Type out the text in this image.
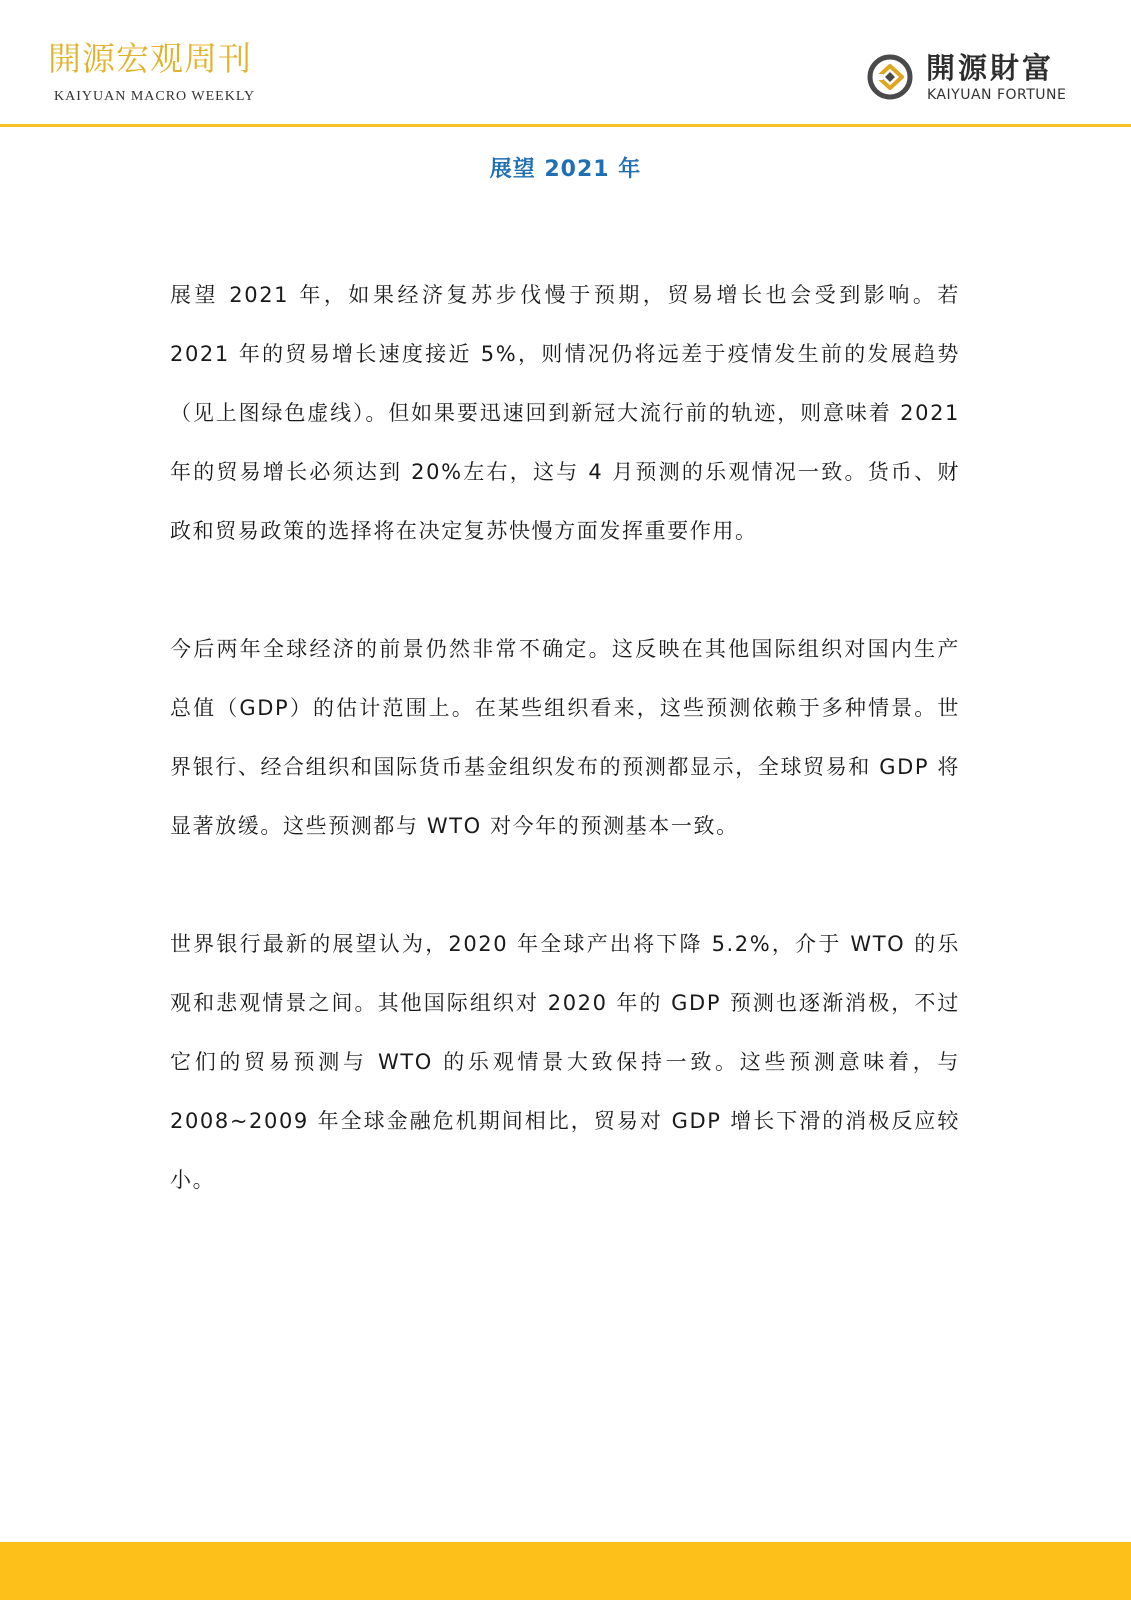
開源宏观周刊
KAIYUAN MACRO WEEKLY
開源財富
KAIYUAN FORTUNE
展望 2021 年

展望 2021 年，如果经济复苏步伐慢于预期，贸易增长也会受到影响。若 2021 年的贸易增长速度接近 5%，则情况仍将远差于疫情发生前的发展趋势（见上图绿色虚线）。但如果要迅速回到新冠大流行前的轨迹，则意味着 2021 年的贸易增长必须达到 20%左右，这与 4 月预测的乐观情况一致。货币、财政和贸易政策的选择将在决定复苏快慢方面发挥重要作用。

今后两年全球经济的前景仍然非常不确定。这反映在其他国际组织对国内生产总值（GDP）的估计范围上。在某些组织看来，这些预测依赖于多种情景。世界银行、经合组织和国际货币基金组织发布的预测都显示，全球贸易和 GDP 将显著放缓。这些预测都与 WTO 对今年的预测基本一致。

世界银行最新的展望认为，2020 年全球产出将下降 5.2%，介于 WTO 的乐观和悲观情景之间。其他国际组织对 2020 年的 GDP 预测也逐渐消极，不过它们的贸易预测与 WTO 的乐观情景大致保持一致。这些预测意味着，与 2008~2009 年全球金融危机期间相比，贸易对 GDP 增长下滑的消极反应较小。
